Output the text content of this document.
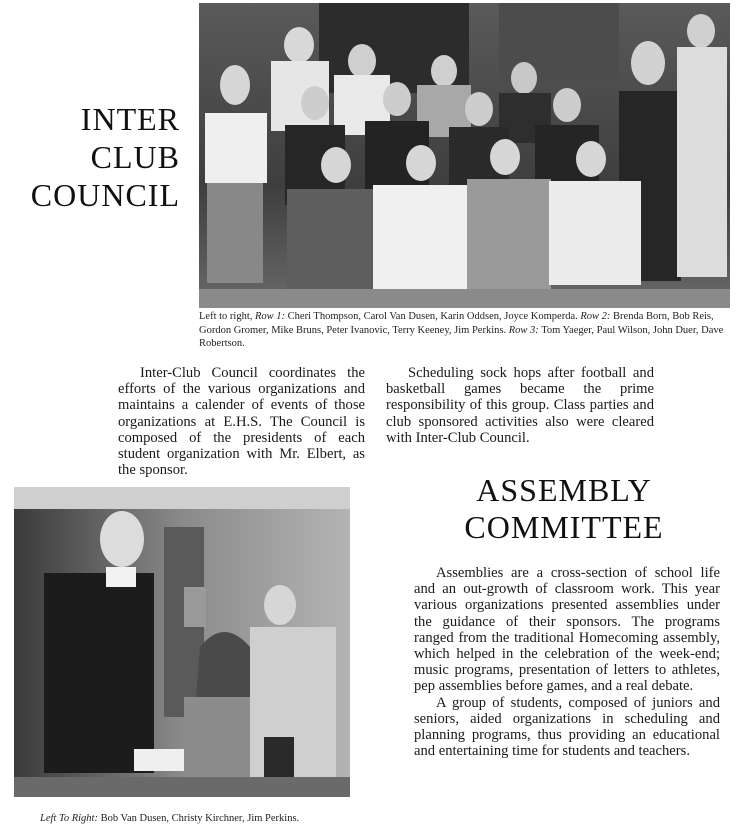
INTER
CLUB
COUNCIL
Left to right, Row 1: Cheri Thompson, Carol Van Dusen, Karin Oddsen, Joyce Komperda. Row 2: Brenda Born, Bob Reis, Gordon Gromer, Mike Bruns, Peter Ivanovic, Terry Keeney, Jim Perkins. Row 3: Tom Yaeger, Paul Wilson, John Duer, Dave Robertson.

Inter-Club Council coordinates the efforts of the various organizations and maintains a calender of events of those organizations at E.H.S. The Council is composed of the presidents of each student organization with Mr. Elbert, as the sponsor.

Scheduling sock hops after football and basketball games became the prime responsibility of this group. Class parties and club sponsored activities also were cleared with Inter-Club Council.

ASSEMBLY
COMMITTEE

Assemblies are a cross-section of school life and an out-growth of classroom work. This year various organizations presented assemblies under the guidance of their sponsors. The programs ranged from the traditional Homecoming assembly, which helped in the celebration of the week-end; music programs, presentation of letters to athletes, pep assemblies before games, and a real debate.

A group of students, composed of juniors and seniors, aided organizations in scheduling and planning programs, thus providing an educational and entertaining time for students and teachers.

Left To Right: Bob Van Dusen, Christy Kirchner, Jim Perkins.
